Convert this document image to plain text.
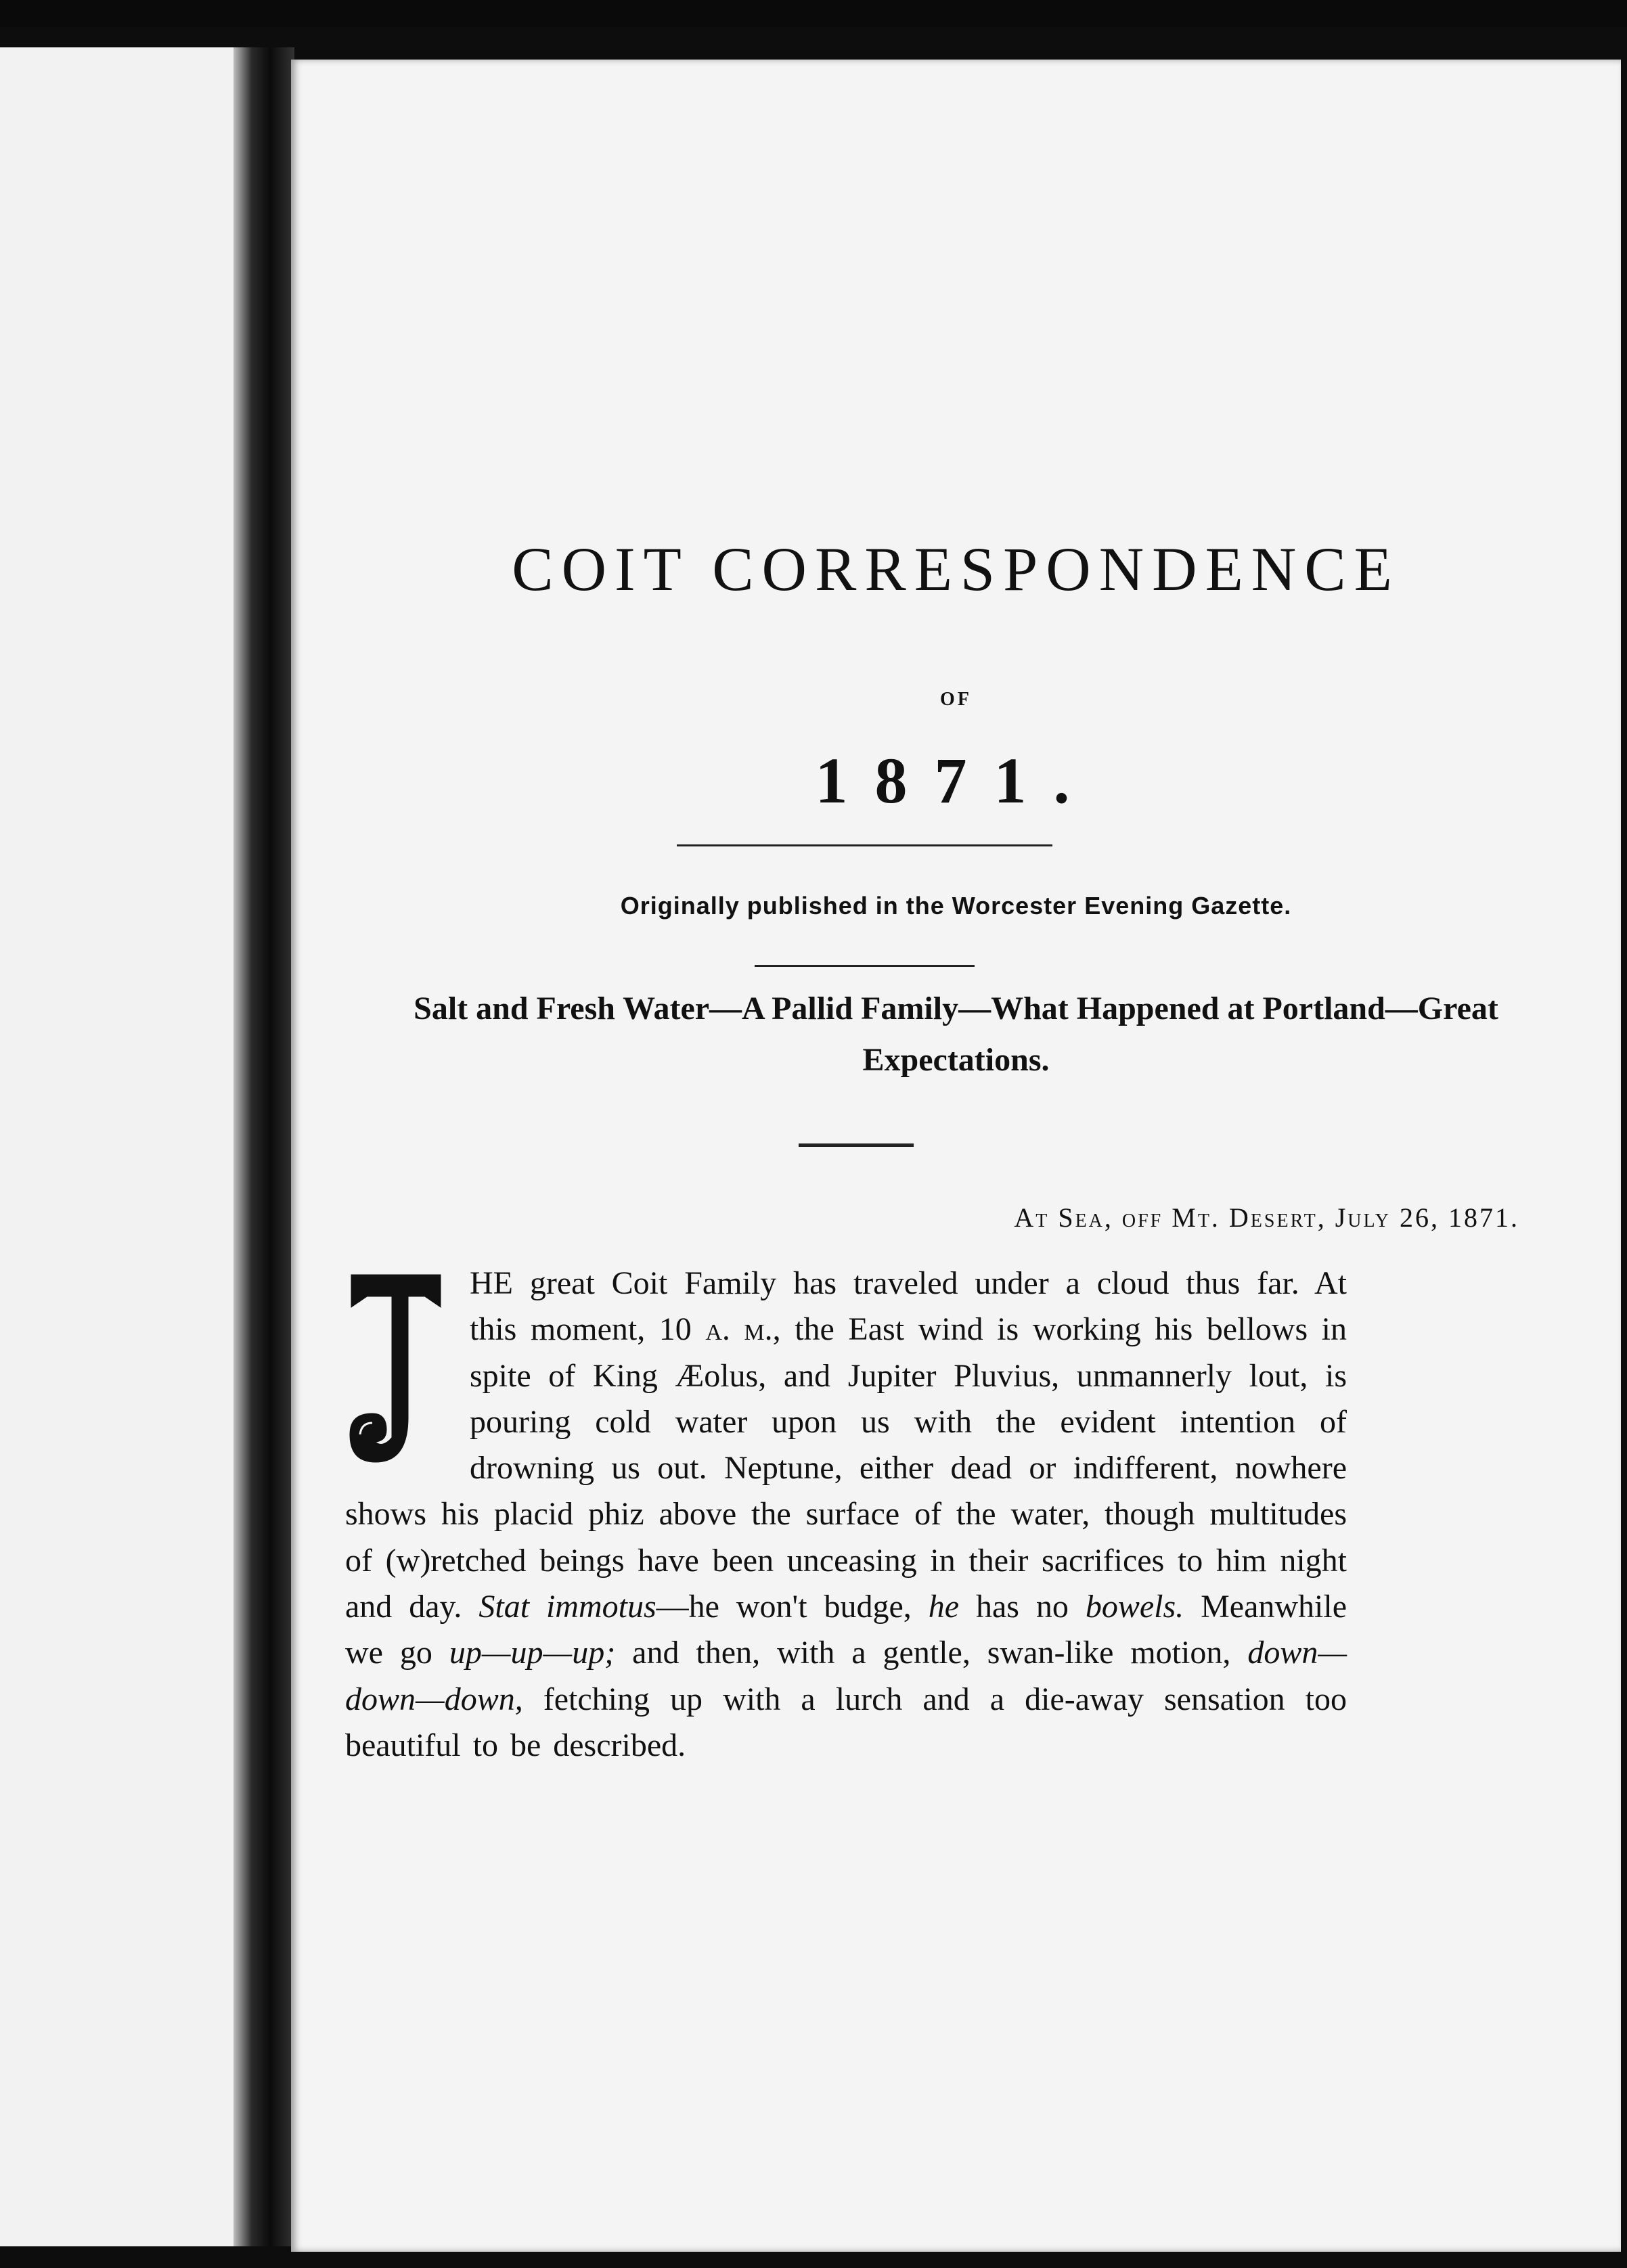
COIT CORRESPONDENCE
OF
1871.
Originally published in the Worcester Evening Gazette.
Salt and Fresh Water—A Pallid Family—What Happened at Portland—Great Expectations.
At Sea, off Mt. Desert, July 26, 1871.
T
HE great Coit Family has traveled under a cloud thus far. At this moment, 10 a. m., the East wind is working his bellows in spite of King Æolus, and Jupiter Pluvius, unmannerly lout, is pouring cold water upon us with the evident intention of drowning us out. Neptune, either dead or indifferent, nowhere shows his placid phiz above the surface of the water, though multitudes of (w)retched beings have been unceasing in their sacrifices to him night and day. Stat immotus—he won't budge, he has no bowels. Meanwhile we go up—up—up; and then, with a gentle, swan-like motion, down—down—down, fetching up with a lurch and a die-away sensation too beautiful to be described.
